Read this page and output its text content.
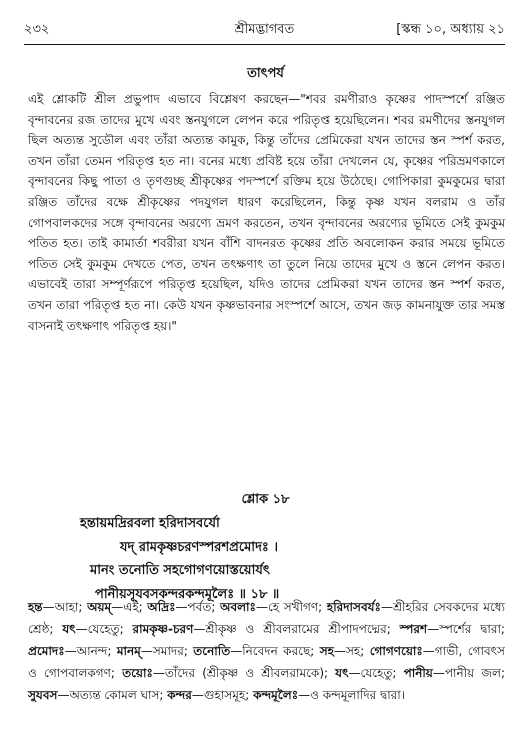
২৩২	শ্রীমদ্ভাগবত	[স্কন্ধ ১০, অধ্যায় ২১
তাৎপর্য

এই শ্লোকটি শ্রীল প্রভুপাদ এভাবে বিশ্লেষণ করছেন—"শবর রমণীরাও কৃষ্ণের পাদস্পর্শে রঞ্জিত বৃন্দাবনের রজ তাদের মুখে এবং স্তনযুগলে লেপন করে পরিতৃপ্ত হয়েছিলেন। শবর রমণীদের স্তনযুগল ছিল অত্যন্ত সুডৌল এবং তাঁরা অত্যন্ত কামুক, কিন্তু তাঁদের প্রেমিকেরা যখন তাদের স্তন স্পর্শ করত, তখন তাঁরা তেমন পরিতৃপ্ত হত না। বনের মধ্যে প্রবিষ্ট হয়ে তাঁরা দেখলেন যে, কৃষ্ণের পরিভ্রমণকালে বৃন্দাবনের কিছু পাতা ও তৃণগুচ্ছ শ্রীকৃষ্ণের পদস্পর্শে রক্তিম হয়ে উঠেছে। গোপিকারা কুমকুমের দ্বারা রঞ্জিত তাঁদের বক্ষে শ্রীকৃষ্ণের পদযুগল ধারণ করেছিলেন, কিন্তু কৃষ্ণ যখন বলরাম ও তাঁর গোপবালকদের সঙ্গে বৃন্দাবনের অরণ্যে ভ্রমণ করতেন, তখন বৃন্দাবনের অরণ্যের ভূমিতে সেই কুমকুম পতিত হত। তাই কামার্তা শবরীরা যখন বাঁশি বাদনরত কৃষ্ণের প্রতি অবলোকন করার সময়ে ভূমিতে পতিত সেই কুমকুম দেখতে পেত, তখন তৎক্ষণাৎ তা তুলে নিয়ে তাদের মুখে ও স্তনে লেপন করত। এভাবেই তারা সম্পূর্ণরূপে পরিতৃপ্ত হয়েছিল, যদিও তাদের প্রেমিকরা যখন তাদের স্তন স্পর্শ করত, তখন তারা পরিতৃপ্ত হত না। কেউ যখন কৃষ্ণভাবনার সংস্পর্শে আসে, তখন জড় কামনাযুক্ত তার সমস্ত বাসনাই তৎক্ষণাৎ পরিতৃপ্ত হয়।"

শ্লোক ১৮
হন্তায়মদ্রিরবলা হরিদাসবর্যো
যদ্ রামকৃষ্ণচরণস্পরশপ্রমোদঃ ।
মানং তনোতি সহগোগণয়োস্তয়োর্যৎ
পানীয়সূযবসকন্দরকন্দমূলৈঃ ॥ ১৮ ॥

হন্ত—আহা; অয়ম্—এই; অদ্রিঃ—পর্বত; অবলাঃ—হে সখীগণ; হরিদাসবর্যঃ—শ্রীহরির সেবকদের মধ্যে শ্রেষ্ঠ; যৎ—যেহেতু; রামকৃষ্ণ-চরণ—শ্রীকৃষ্ণ ও শ্রীবলরামের শ্রীপাদপদ্মের; স্পরশ—স্পর্শের দ্বারা; প্রমোদঃ—আনন্দ; মানম্—সমাদর; তনোতি—নিবেদন করছে; সহ—সহ; গোগণয়োঃ—গাভী, গোবৎস ও গোপবালকগণ; তয়োঃ—তাঁদের (শ্রীকৃষ্ণ ও শ্রীবলরামকে); যৎ—যেহেতু; পানীয়—পানীয় জল; সুযবস—অত্যন্ত কোমল ঘাস; কন্দর—গুহাসমূহ; কন্দমূলৈঃ—ও কন্দমূলাদির দ্বারা।
